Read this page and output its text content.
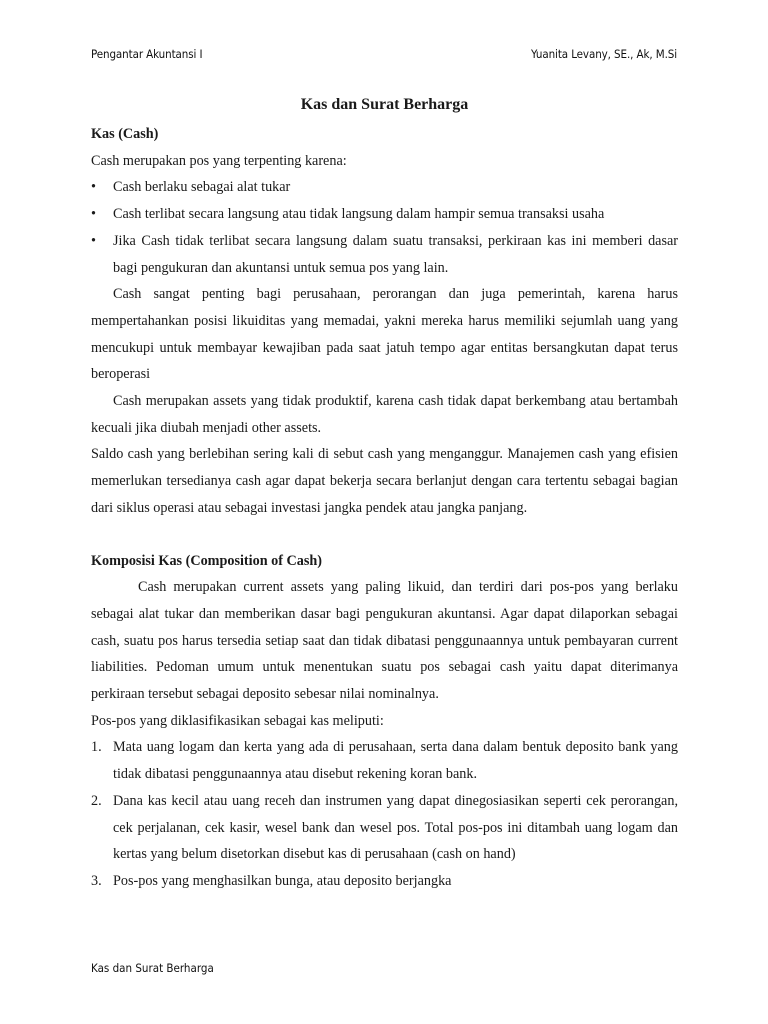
Pengantar Akuntansi I	Yuanita Levany, SE., Ak, M.Si
Kas dan Surat Berharga
Kas (Cash)
Cash merupakan pos yang terpenting karena:
• Cash berlaku sebagai alat tukar
• Cash terlibat secara langsung atau tidak langsung dalam hampir semua transaksi usaha
• Jika Cash tidak terlibat secara langsung dalam suatu transaksi, perkiraan kas ini memberi dasar bagi pengukuran dan akuntansi untuk semua pos yang lain.
Cash sangat penting bagi perusahaan, perorangan dan juga pemerintah, karena harus mempertahankan posisi likuiditas yang memadai, yakni mereka harus memiliki sejumlah uang yang mencukupi untuk membayar kewajiban pada saat jatuh tempo agar entitas bersangkutan dapat terus beroperasi
Cash merupakan assets yang tidak produktif, karena cash tidak dapat berkembang atau bertambah kecuali jika diubah menjadi other assets.
Saldo cash yang berlebihan sering kali di sebut cash yang menganggur. Manajemen cash yang efisien memerlukan tersedianya cash agar dapat bekerja secara berlanjut dengan cara tertentu sebagai bagian dari siklus operasi atau sebagai investasi jangka pendek atau jangka panjang.
Komposisi Kas (Composition of Cash)
Cash merupakan current assets yang paling likuid, dan terdiri dari pos-pos yang berlaku sebagai alat tukar dan memberikan dasar bagi pengukuran akuntansi. Agar dapat dilaporkan sebagai cash, suatu pos harus tersedia setiap saat dan tidak dibatasi penggunaannya untuk pembayaran current liabilities. Pedoman umum untuk menentukan suatu pos sebagai cash yaitu dapat diterimanya perkiraan tersebut sebagai deposito sebesar nilai nominalnya.
Pos-pos yang diklasifikasikan sebagai kas meliputi:
1. Mata uang logam dan kerta yang ada di perusahaan, serta dana dalam bentuk deposito bank yang tidak dibatasi penggunaannya atau disebut rekening koran bank.
2. Dana kas kecil atau uang receh dan instrumen yang dapat dinegosiasikan seperti cek perorangan, cek perjalanan, cek kasir, wesel bank dan wesel pos. Total pos-pos ini ditambah uang logam dan kertas yang belum disetorkan disebut kas di perusahaan (cash on hand)
3. Pos-pos yang menghasilkan bunga, atau deposito berjangka
Kas dan Surat Berharga
